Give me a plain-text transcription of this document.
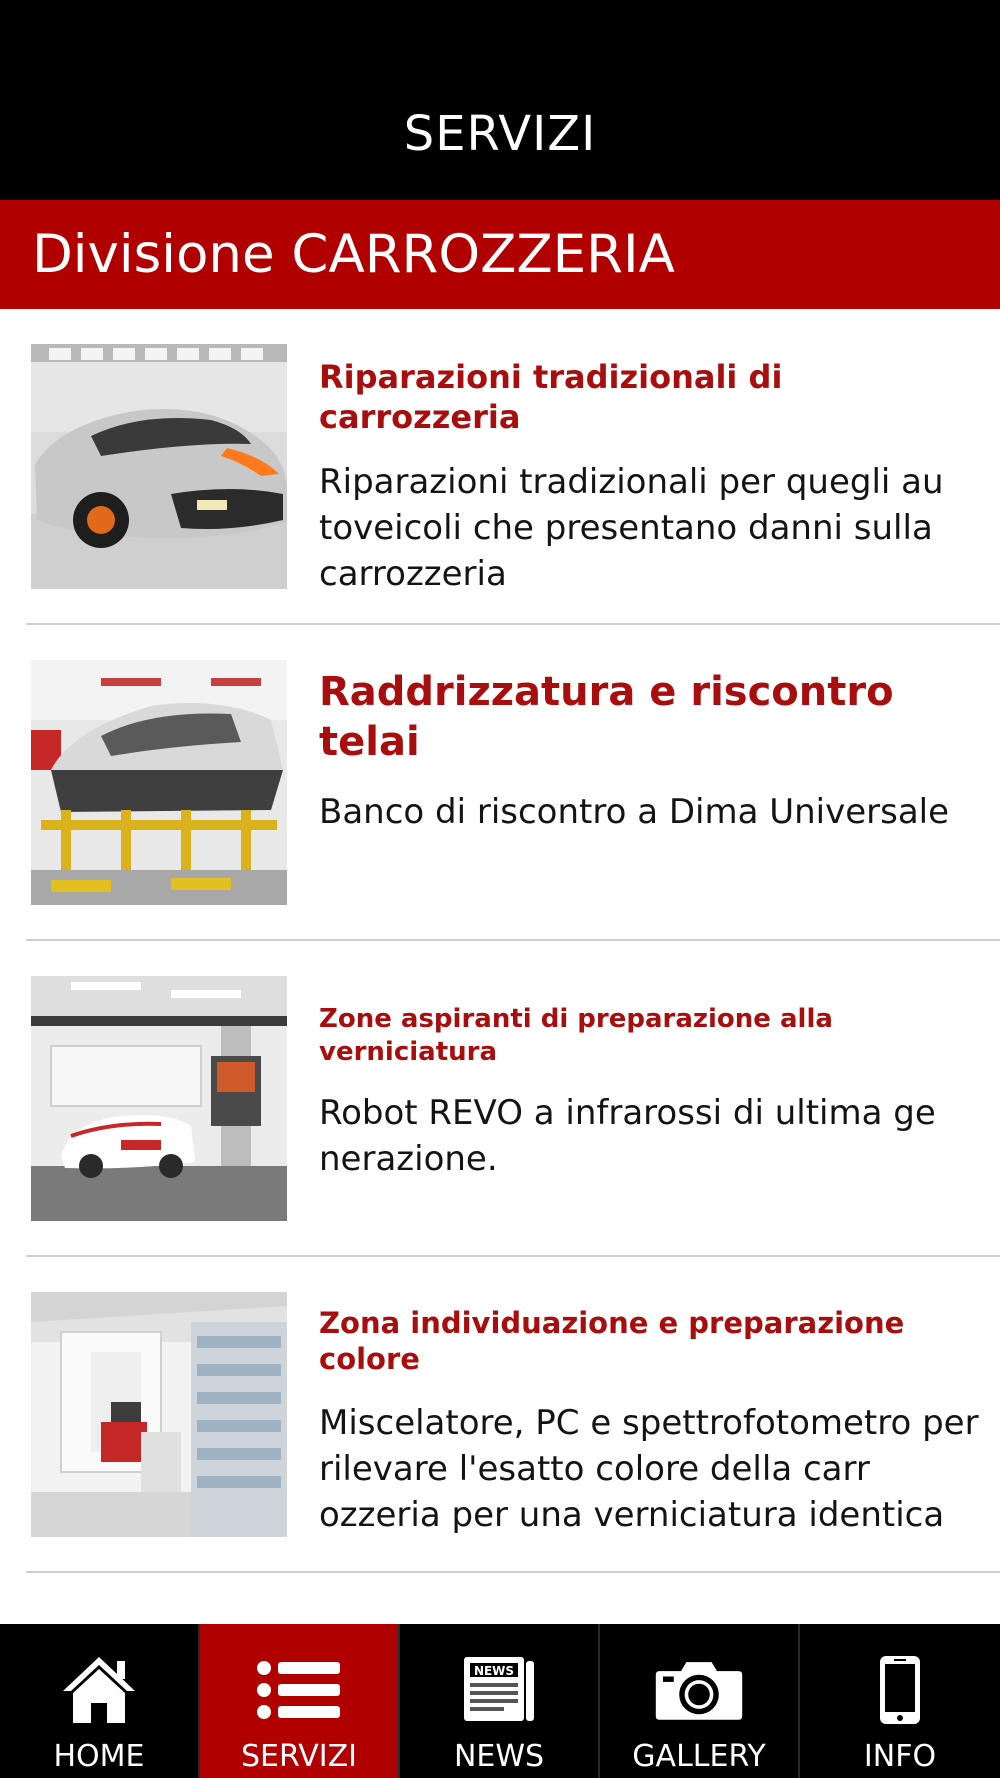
SERVIZI
Divisione CARROZZERIA
Riparazioni tradizionali di carrozzeria
Riparazioni tradizionali per quegli au toveicoli che presentano danni sulla carrozzeria
Raddrizzatura e riscontro telai
Banco di riscontro a Dima Universale
Zone aspiranti di preparazione alla verniciatura
Robot REVO a infrarossi di ultima ge nerazione.
Zona individuazione e preparazione colore
Miscelatore, PC e spettrofotometro per rilevare l'esatto colore della carr ozzeria per una verniciatura identica
HOME	SERVIZI
NEWS
NEWS	GALLERY	INFO
